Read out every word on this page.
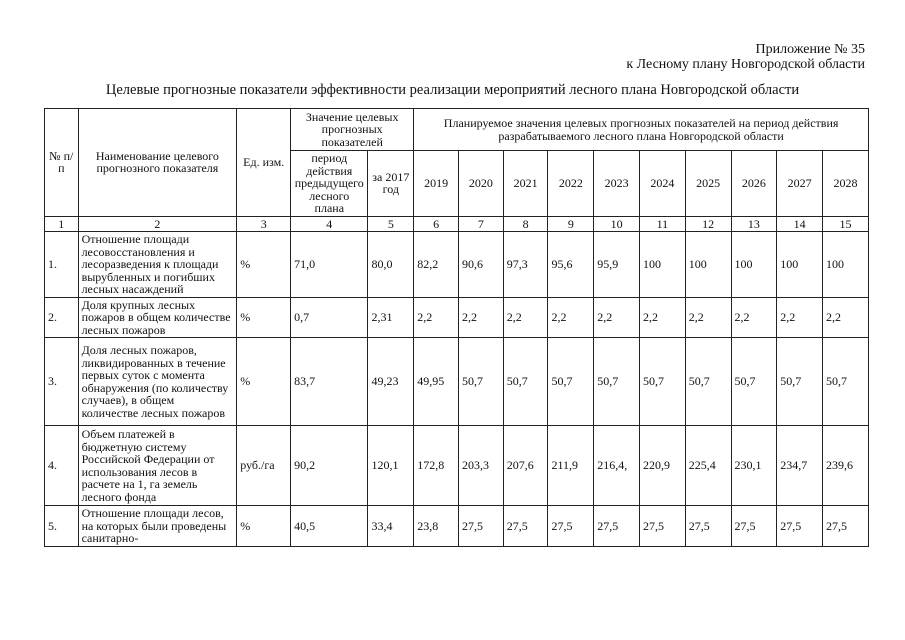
Приложение № 35
к Лесному плану Новгородской области
Целевые прогнозные показатели эффективности реализации мероприятий лесного плана Новгородской области
№ п/п	Наименование целевого прогнозного показателя	Ед. изм.	Значение целевых прогнозных показателей		Планируемое значения целевых прогнозных показателей на период действия разрабатываемого лесного плана Новгородской области									
			период действия предыдущего лесного плана	за 2017 год	2019	2020	2021	2022	2023	2024	2025	2026	2027	2028
1	2	3	4	5	6	7	8	9	10	11	12	13	14	15
1.	Отношение площади лесовосстановления и лесоразведения к площади вырубленных и погибших лесных насаждений	%	71,0	80,0	82,2	90,6	97,3	95,6	95,9	100	100	100	100	100
2.	Доля крупных лесных пожаров в общем количестве лесных пожаров	%	0,7	2,31	2,2	2,2	2,2	2,2	2,2	2,2	2,2	2,2	2,2	2,2
3.	Доля лесных пожаров, ликвидированных в течение первых суток с момента обнаружения (по количеству случаев), в общем количестве лесных пожаров	%	83,7	49,23	49,95	50,7	50,7	50,7	50,7	50,7	50,7	50,7	50,7	50,7
4.	Объем платежей в бюджетную систему Российской Федерации от использования лесов в расчете на 1, га земель лесного фонда	руб./га	90,2	120,1	172,8	203,3	207,6	211,9	216,4,	220,9	225,4	230,1	234,7	239,6
5.	Отношение площади лесов, на которых были проведены санитарно-	%	40,5	33,4	23,8	27,5	27,5	27,5	27,5	27,5	27,5	27,5	27,5	27,5
